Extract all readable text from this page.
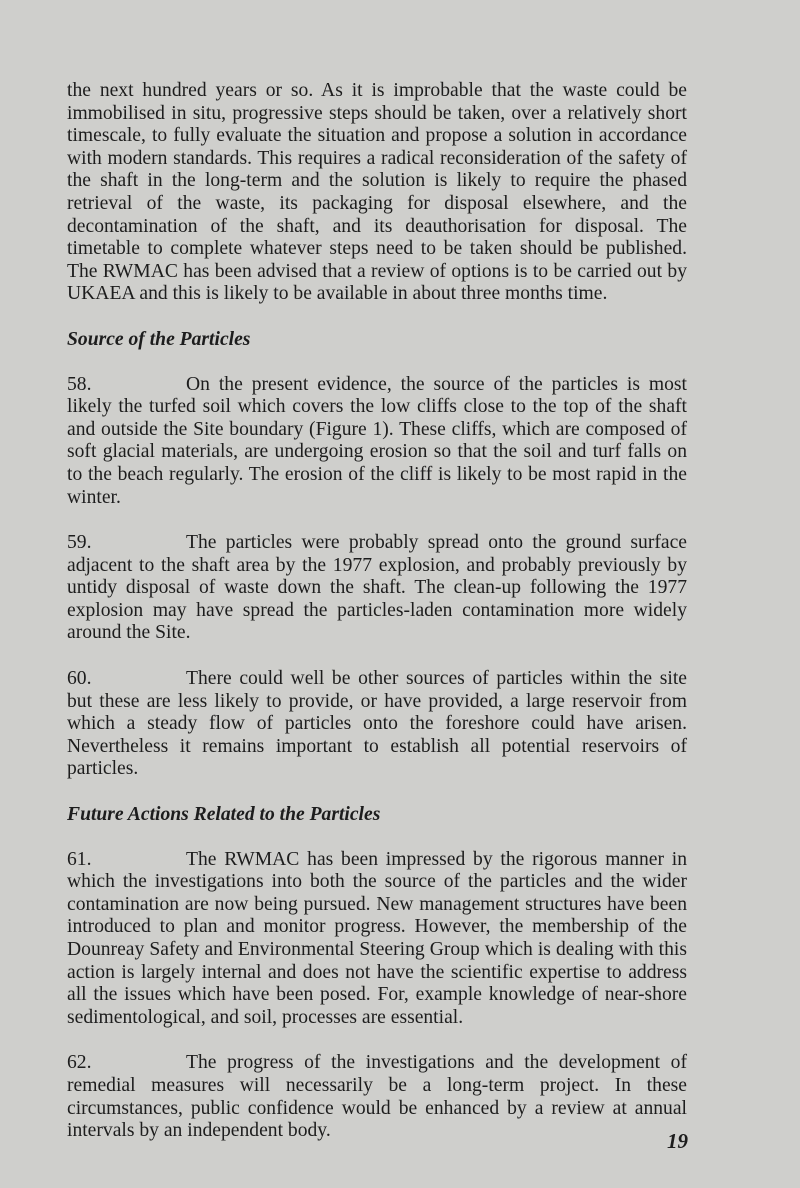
the next hundred years or so. As it is improbable that the waste could be immobilised in situ, progressive steps should be taken, over a relatively short timescale, to fully evaluate the situation and propose a solution in accordance with modern standards. This requires a radical reconsideration of the safety of the shaft in the long-term and the solution is likely to require the phased retrieval of the waste, its packaging for disposal elsewhere, and the decontamination of the shaft, and its deauthorisation for disposal. The timetable to complete whatever steps need to be taken should be published. The RWMAC has been advised that a review of options is to be carried out by UKAEA and this is likely to be available in about three months time.

Source of the Particles

58.	On the present evidence, the source of the particles is most likely the turfed soil which covers the low cliffs close to the top of the shaft and outside the Site boundary (Figure 1). These cliffs, which are composed of soft glacial materials, are undergoing erosion so that the soil and turf falls on to the beach regularly. The erosion of the cliff is likely to be most rapid in the winter.

59.	The particles were probably spread onto the ground surface adjacent to the shaft area by the 1977 explosion, and probably previously by untidy disposal of waste down the shaft. The clean-up following the 1977 explosion may have spread the particles-laden contamination more widely around the Site.

60.	There could well be other sources of particles within the site but these are less likely to provide, or have provided, a large reservoir from which a steady flow of particles onto the foreshore could have arisen. Nevertheless it remains important to establish all potential reservoirs of particles.

Future Actions Related to the Particles

61.	The RWMAC has been impressed by the rigorous manner in which the investigations into both the source of the particles and the wider contamination are now being pursued. New management structures have been introduced to plan and monitor progress. However, the membership of the Dounreay Safety and Environmental Steering Group which is dealing with this action is largely internal and does not have the scientific expertise to address all the issues which have been posed. For, example knowledge of near-shore sedimentological, and soil, processes are essential.

62.	The progress of the investigations and the development of remedial measures will necessarily be a long-term project. In these circumstances, public confidence would be enhanced by a review at annual intervals by an independent body.	19
